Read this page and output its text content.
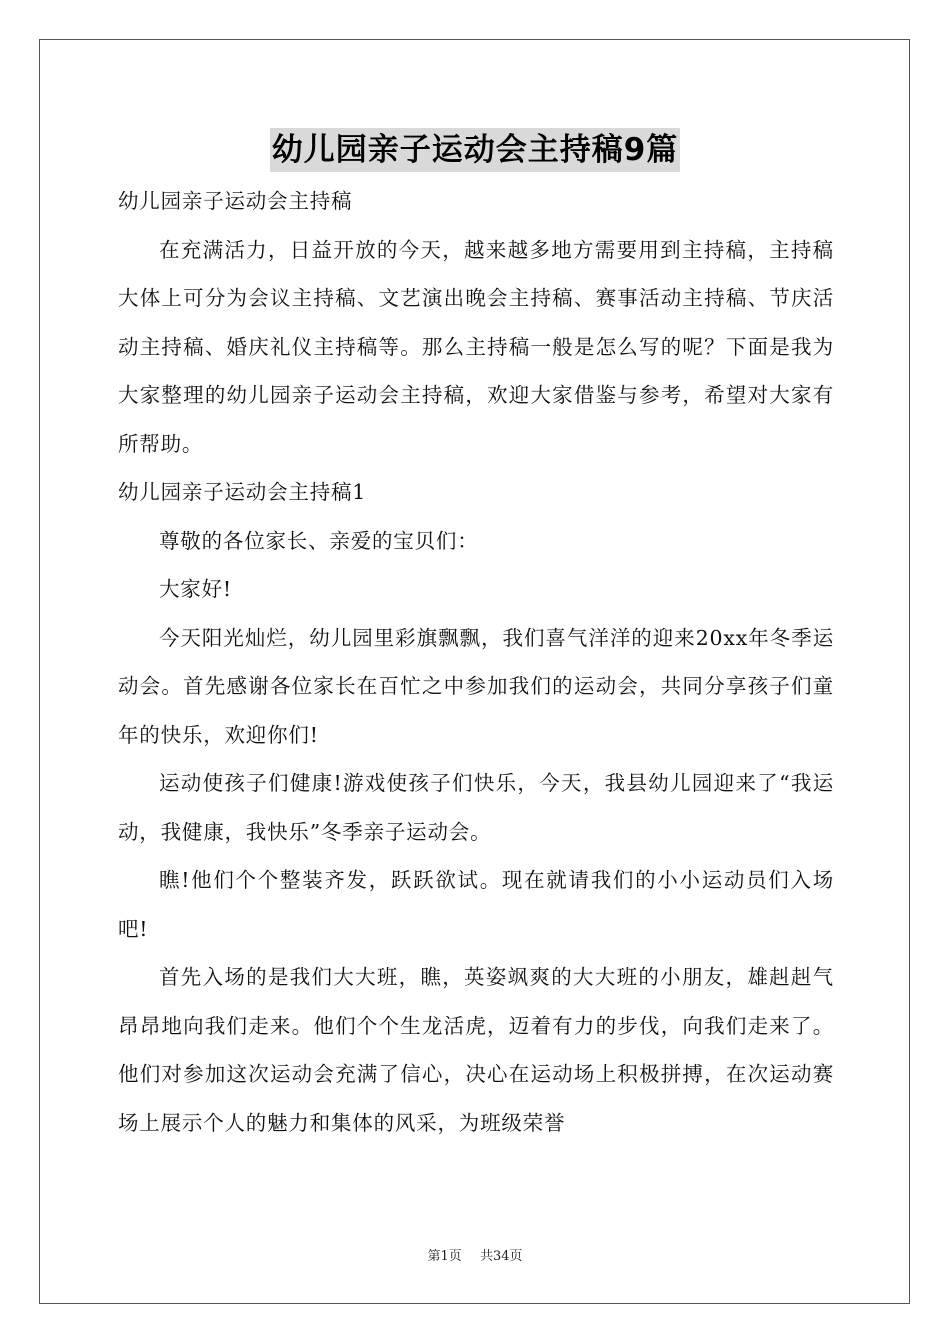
幼儿园亲子运动会主持稿9篇

幼儿园亲子运动会主持稿

在充满活力，日益开放的今天，越来越多地方需要用到主持稿，主持稿大体上可分为会议主持稿、文艺演出晚会主持稿、赛事活动主持稿、节庆活动主持稿、婚庆礼仪主持稿等。那么主持稿一般是怎么写的呢？下面是我为大家整理的幼儿园亲子运动会主持稿，欢迎大家借鉴与参考，希望对大家有所帮助。

幼儿园亲子运动会主持稿1

尊敬的各位家长、亲爱的宝贝们：

大家好!

今天阳光灿烂，幼儿园里彩旗飘飘，我们喜气洋洋的迎来20xx年冬季运动会。首先感谢各位家长在百忙之中参加我们的运动会，共同分享孩子们童年的快乐，欢迎你们!

运动使孩子们健康!游戏使孩子们快乐，今天，我县幼儿园迎来了“我运动，我健康，我快乐”冬季亲子运动会。

瞧!他们个个整装齐发，跃跃欲试。现在就请我们的小小运动员们入场吧!

首先入场的是我们大大班，瞧，英姿飒爽的大大班的小朋友，雄赳赳气昂昂地向我们走来。他们个个生龙活虎，迈着有力的步伐，向我们走来了。他们对参加这次运动会充满了信心，决心在运动场上积极拼搏，在次运动赛场上展示个人的魅力和集体的风采，为班级荣誉

第1页 共34页
